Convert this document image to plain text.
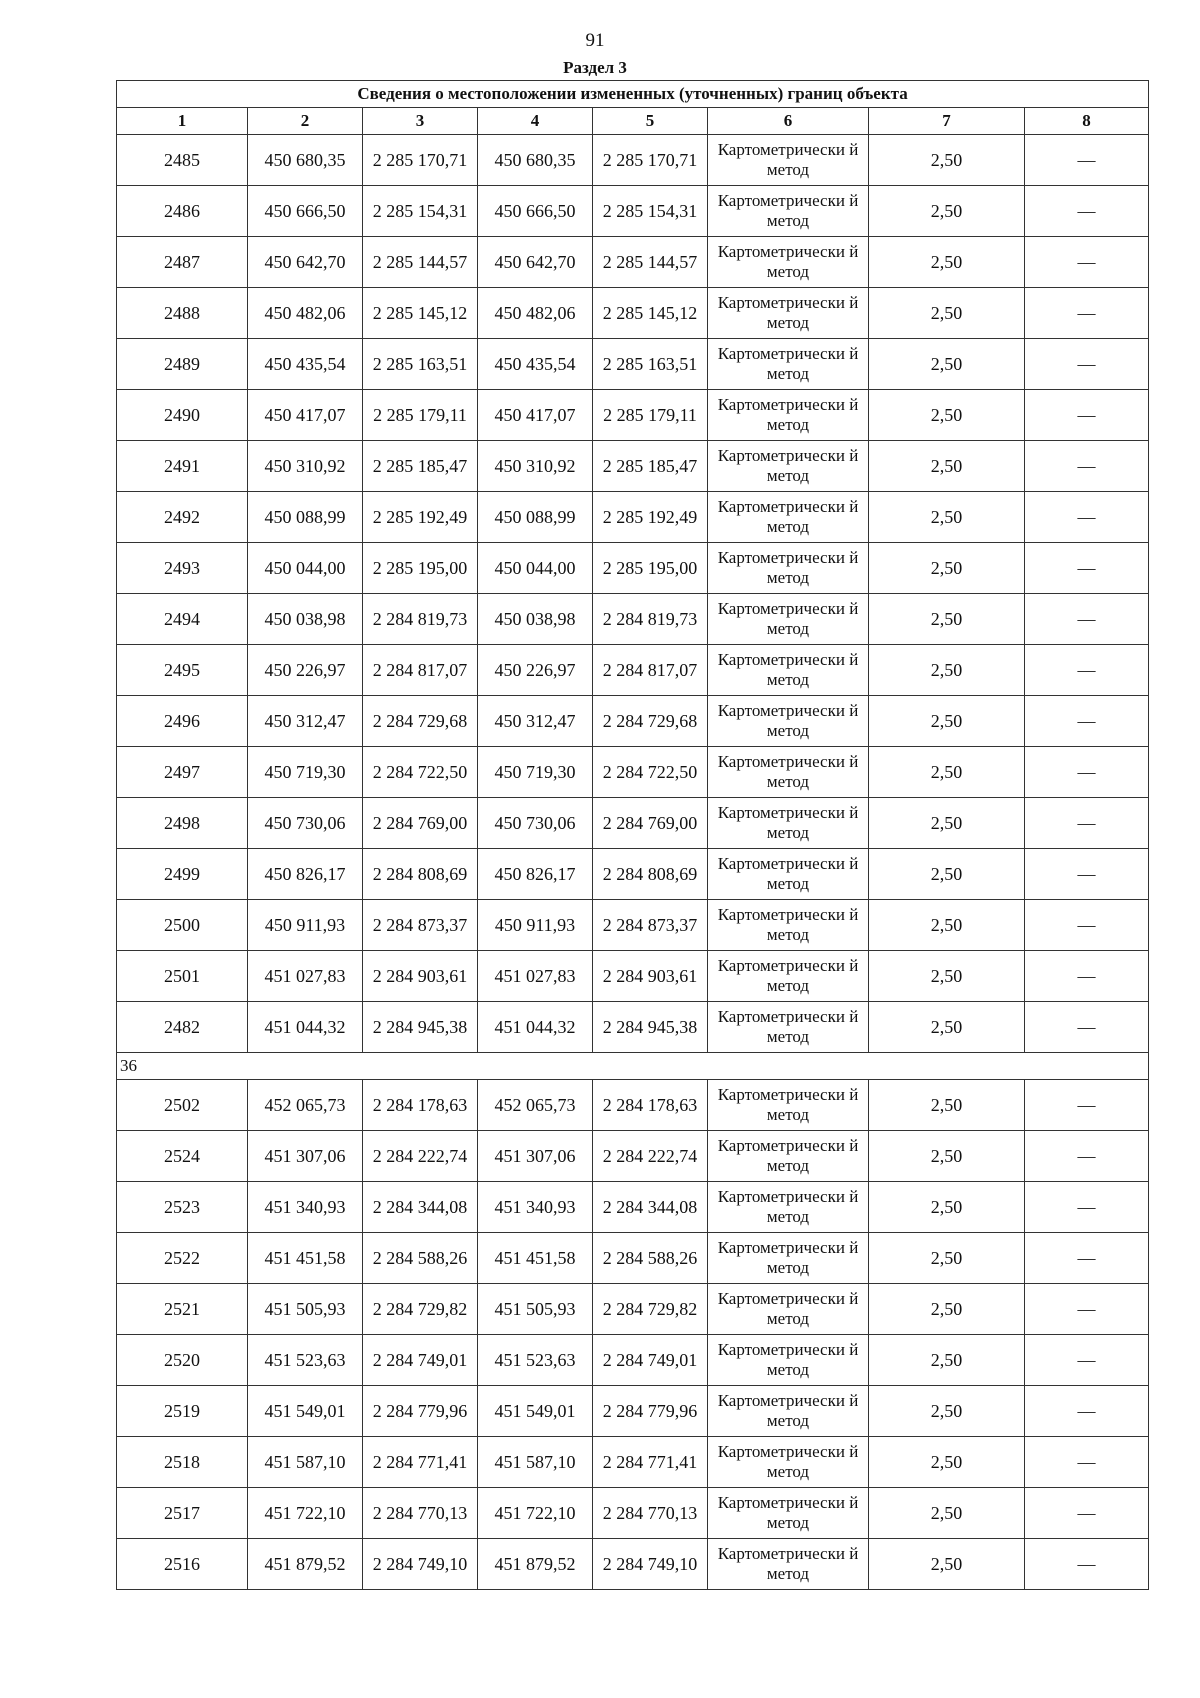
91
Раздел 3
Сведения о местоположении измененных (уточненных) границ объекта							
1	2	3	4	5	6	7	8
2485	450 680,35	2 285 170,71	450 680,35	2 285 170,71	Картометрически й метод	2,50	—
2486	450 666,50	2 285 154,31	450 666,50	2 285 154,31	Картометрически й метод	2,50	—
2487	450 642,70	2 285 144,57	450 642,70	2 285 144,57	Картометрически й метод	2,50	—
2488	450 482,06	2 285 145,12	450 482,06	2 285 145,12	Картометрически й метод	2,50	—
2489	450 435,54	2 285 163,51	450 435,54	2 285 163,51	Картометрически й метод	2,50	—
2490	450 417,07	2 285 179,11	450 417,07	2 285 179,11	Картометрически й метод	2,50	—
2491	450 310,92	2 285 185,47	450 310,92	2 285 185,47	Картометрически й метод	2,50	—
2492	450 088,99	2 285 192,49	450 088,99	2 285 192,49	Картометрически й метод	2,50	—
2493	450 044,00	2 285 195,00	450 044,00	2 285 195,00	Картометрически й метод	2,50	—
2494	450 038,98	2 284 819,73	450 038,98	2 284 819,73	Картометрически й метод	2,50	—
2495	450 226,97	2 284 817,07	450 226,97	2 284 817,07	Картометрически й метод	2,50	—
2496	450 312,47	2 284 729,68	450 312,47	2 284 729,68	Картометрически й метод	2,50	—
2497	450 719,30	2 284 722,50	450 719,30	2 284 722,50	Картометрически й метод	2,50	—
2498	450 730,06	2 284 769,00	450 730,06	2 284 769,00	Картометрически й метод	2,50	—
2499	450 826,17	2 284 808,69	450 826,17	2 284 808,69	Картометрически й метод	2,50	—
2500	450 911,93	2 284 873,37	450 911,93	2 284 873,37	Картометрически й метод	2,50	—
2501	451 027,83	2 284 903,61	451 027,83	2 284 903,61	Картометрически й метод	2,50	—
2482	451 044,32	2 284 945,38	451 044,32	2 284 945,38	Картометрически й метод	2,50	—
36							
2502	452 065,73	2 284 178,63	452 065,73	2 284 178,63	Картометрически й метод	2,50	—
2524	451 307,06	2 284 222,74	451 307,06	2 284 222,74	Картометрически й метод	2,50	—
2523	451 340,93	2 284 344,08	451 340,93	2 284 344,08	Картометрически й метод	2,50	—
2522	451 451,58	2 284 588,26	451 451,58	2 284 588,26	Картометрически й метод	2,50	—
2521	451 505,93	2 284 729,82	451 505,93	2 284 729,82	Картометрически й метод	2,50	—
2520	451 523,63	2 284 749,01	451 523,63	2 284 749,01	Картометрически й метод	2,50	—
2519	451 549,01	2 284 779,96	451 549,01	2 284 779,96	Картометрически й метод	2,50	—
2518	451 587,10	2 284 771,41	451 587,10	2 284 771,41	Картометрически й метод	2,50	—
2517	451 722,10	2 284 770,13	451 722,10	2 284 770,13	Картометрически й метод	2,50	—
2516	451 879,52	2 284 749,10	451 879,52	2 284 749,10	Картометрически й метод	2,50	—
